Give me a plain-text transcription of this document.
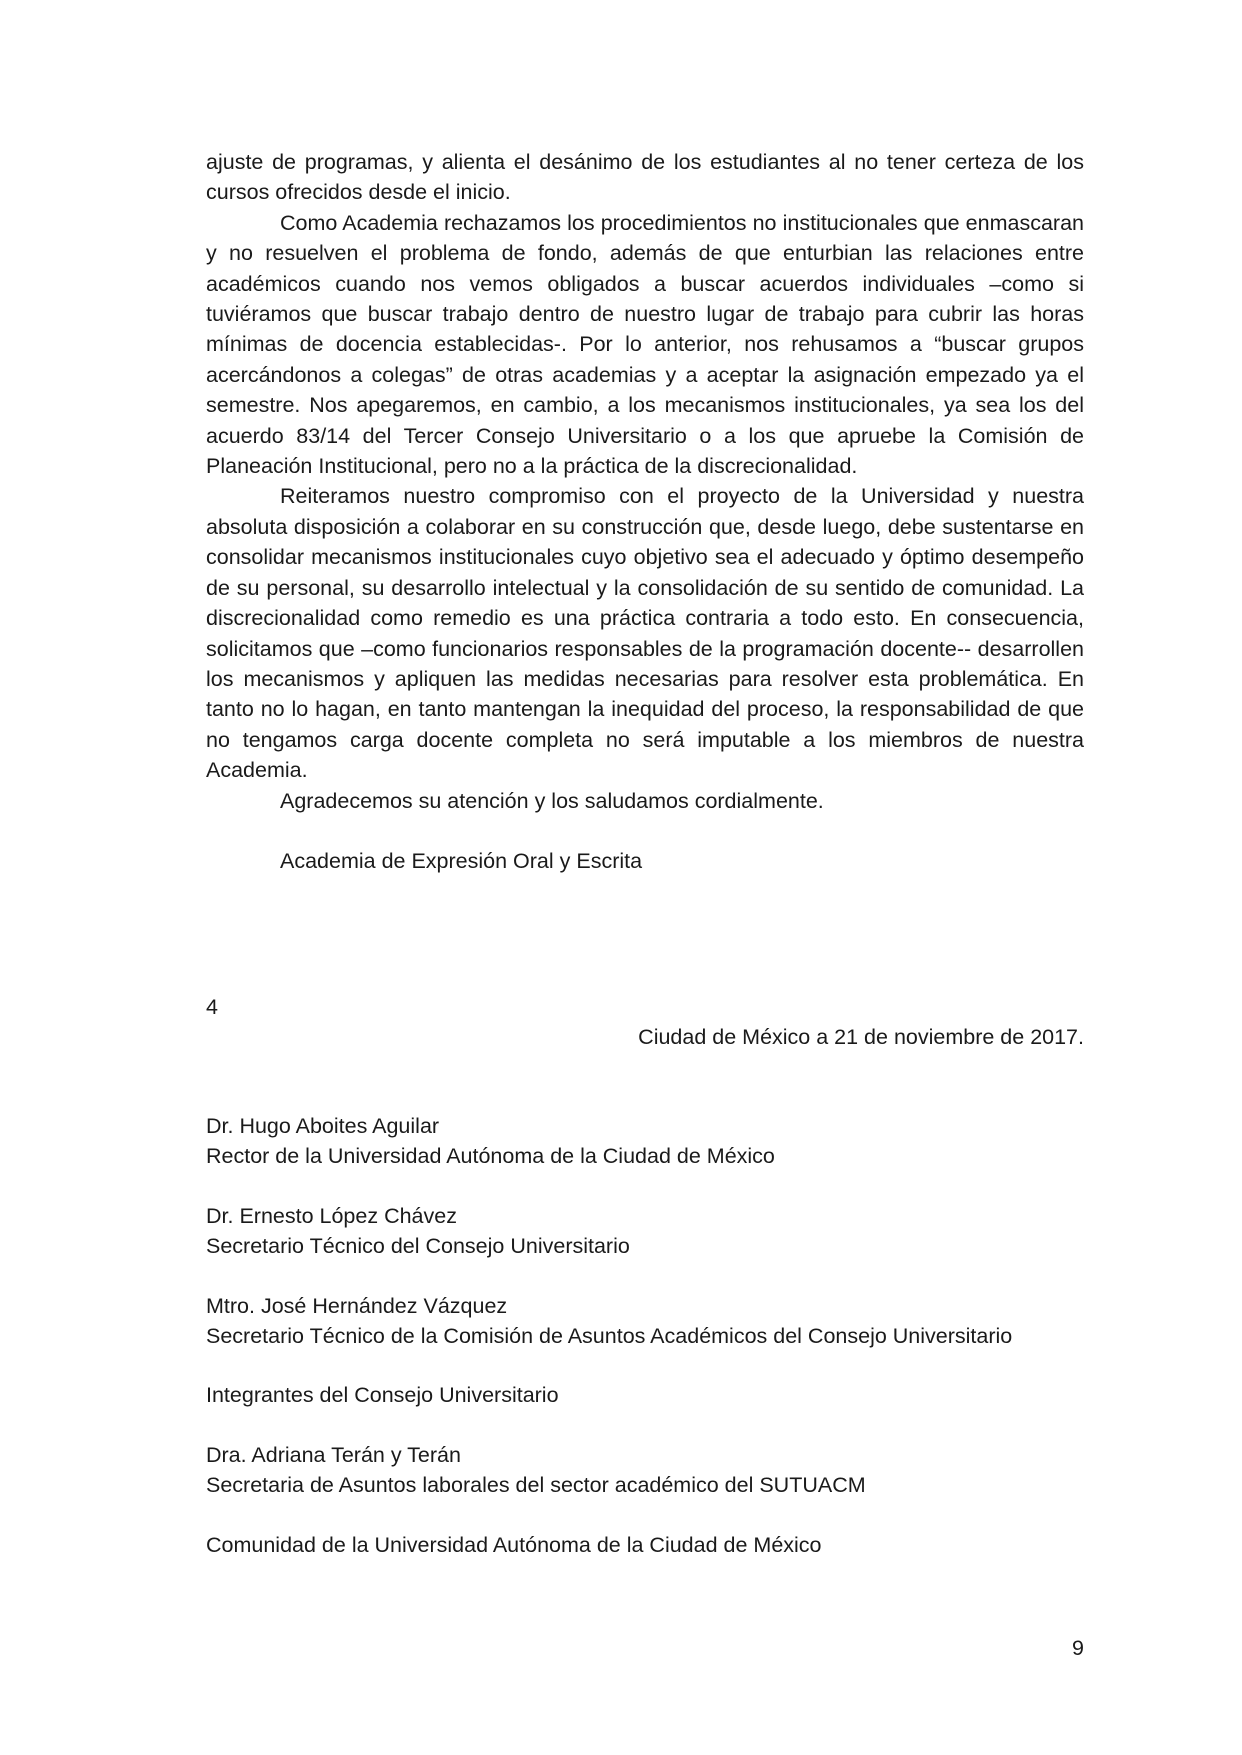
ajuste de programas, y alienta el desánimo de los estudiantes al no tener certeza de los cursos ofrecidos desde el inicio.

Como Academia rechazamos los procedimientos no institucionales que enmascaran y no resuelven el problema de fondo, además de que enturbian las relaciones entre académicos cuando nos vemos obligados a buscar acuerdos individuales –como si tuviéramos que buscar trabajo dentro de nuestro lugar de trabajo para cubrir las horas mínimas de docencia establecidas-. Por lo anterior, nos rehusamos a “buscar grupos acercándonos a colegas” de otras academias y a aceptar la asignación empezado ya el semestre. Nos apegaremos, en cambio, a los mecanismos institucionales, ya sea los del acuerdo 83/14 del Tercer Consejo Universitario o a los que apruebe la Comisión de Planeación Institucional, pero no a la práctica de la discrecionalidad.

Reiteramos nuestro compromiso con el proyecto de la Universidad y nuestra absoluta disposición a colaborar en su construcción que, desde luego, debe sustentarse en consolidar mecanismos institucionales cuyo objetivo sea el adecuado y óptimo desempeño de su personal, su desarrollo intelectual y la consolidación de su sentido de comunidad. La discrecionalidad como remedio es una práctica contraria a todo esto. En consecuencia, solicitamos que –como funcionarios responsables de la programación docente-- desarrollen los mecanismos y apliquen las medidas necesarias para resolver esta problemática. En tanto no lo hagan, en tanto mantengan la inequidad del proceso, la responsabilidad de que no tengamos carga docente completa no será imputable a los miembros de nuestra Academia.

Agradecemos su atención y los saludamos cordialmente.

Academia de Expresión Oral y Escrita

4
Ciudad de México a 21 de noviembre de 2017.
Dr. Hugo Aboites Aguilar
Rector de la Universidad Autónoma de la Ciudad de México
Dr. Ernesto López Chávez
Secretario Técnico del Consejo Universitario
Mtro. José Hernández Vázquez
Secretario Técnico de la Comisión de Asuntos Académicos del Consejo Universitario
Integrantes del Consejo Universitario
Dra. Adriana Terán y Terán
Secretaria de Asuntos laborales del sector académico del SUTUACM
Comunidad de la Universidad Autónoma de la Ciudad de México
9
